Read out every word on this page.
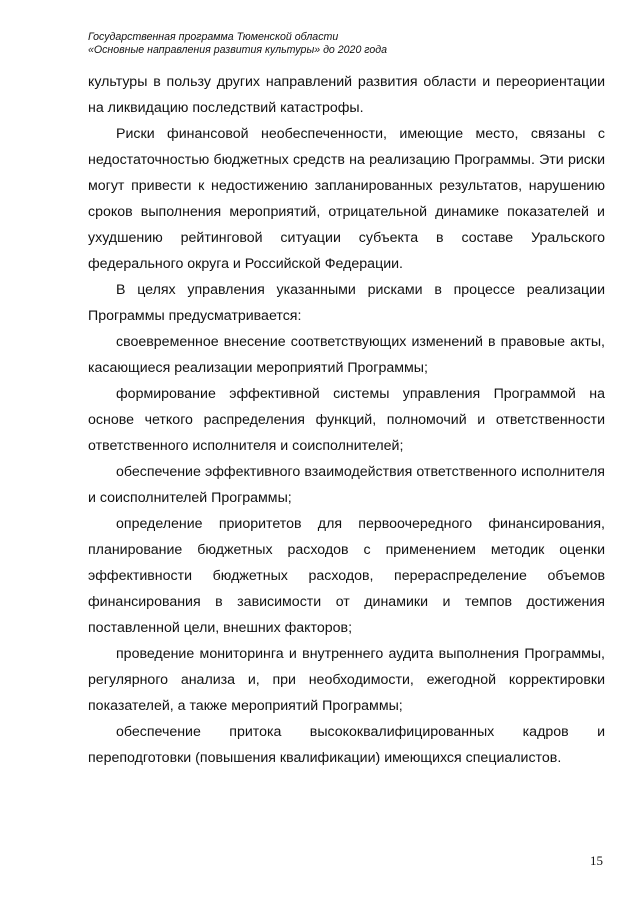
Государственная программа Тюменской области
«Основные направления развития культуры» до 2020 года

культуры в пользу других направлений развития области и переориентации на ликвидацию последствий катастрофы.

Риски финансовой необеспеченности, имеющие место, связаны с недостаточностью бюджетных средств на реализацию Программы. Эти риски могут привести к недостижению запланированных результатов, нарушению сроков выполнения мероприятий, отрицательной динамике показателей и ухудшению рейтинговой ситуации субъекта в составе Уральского федерального округа и Российской Федерации.

В целях управления указанными рисками в процессе реализации Программы предусматривается:

своевременное внесение соответствующих изменений в правовые акты, касающиеся реализации мероприятий Программы;

формирование эффективной системы управления Программой на основе четкого распределения функций, полномочий и ответственности ответственного исполнителя и соисполнителей;

обеспечение эффективного взаимодействия ответственного исполнителя и соисполнителей Программы;

определение приоритетов для первоочередного финансирования, планирование бюджетных расходов с применением методик оценки эффективности бюджетных расходов, перераспределение объемов финансирования в зависимости от динамики и темпов достижения поставленной цели, внешних факторов;

проведение мониторинга и внутреннего аудита выполнения Программы, регулярного анализа и, при необходимости, ежегодной корректировки показателей, а также мероприятий Программы;

обеспечение притока высококвалифицированных кадров и переподготовки (повышения квалификации) имеющихся специалистов.

15
